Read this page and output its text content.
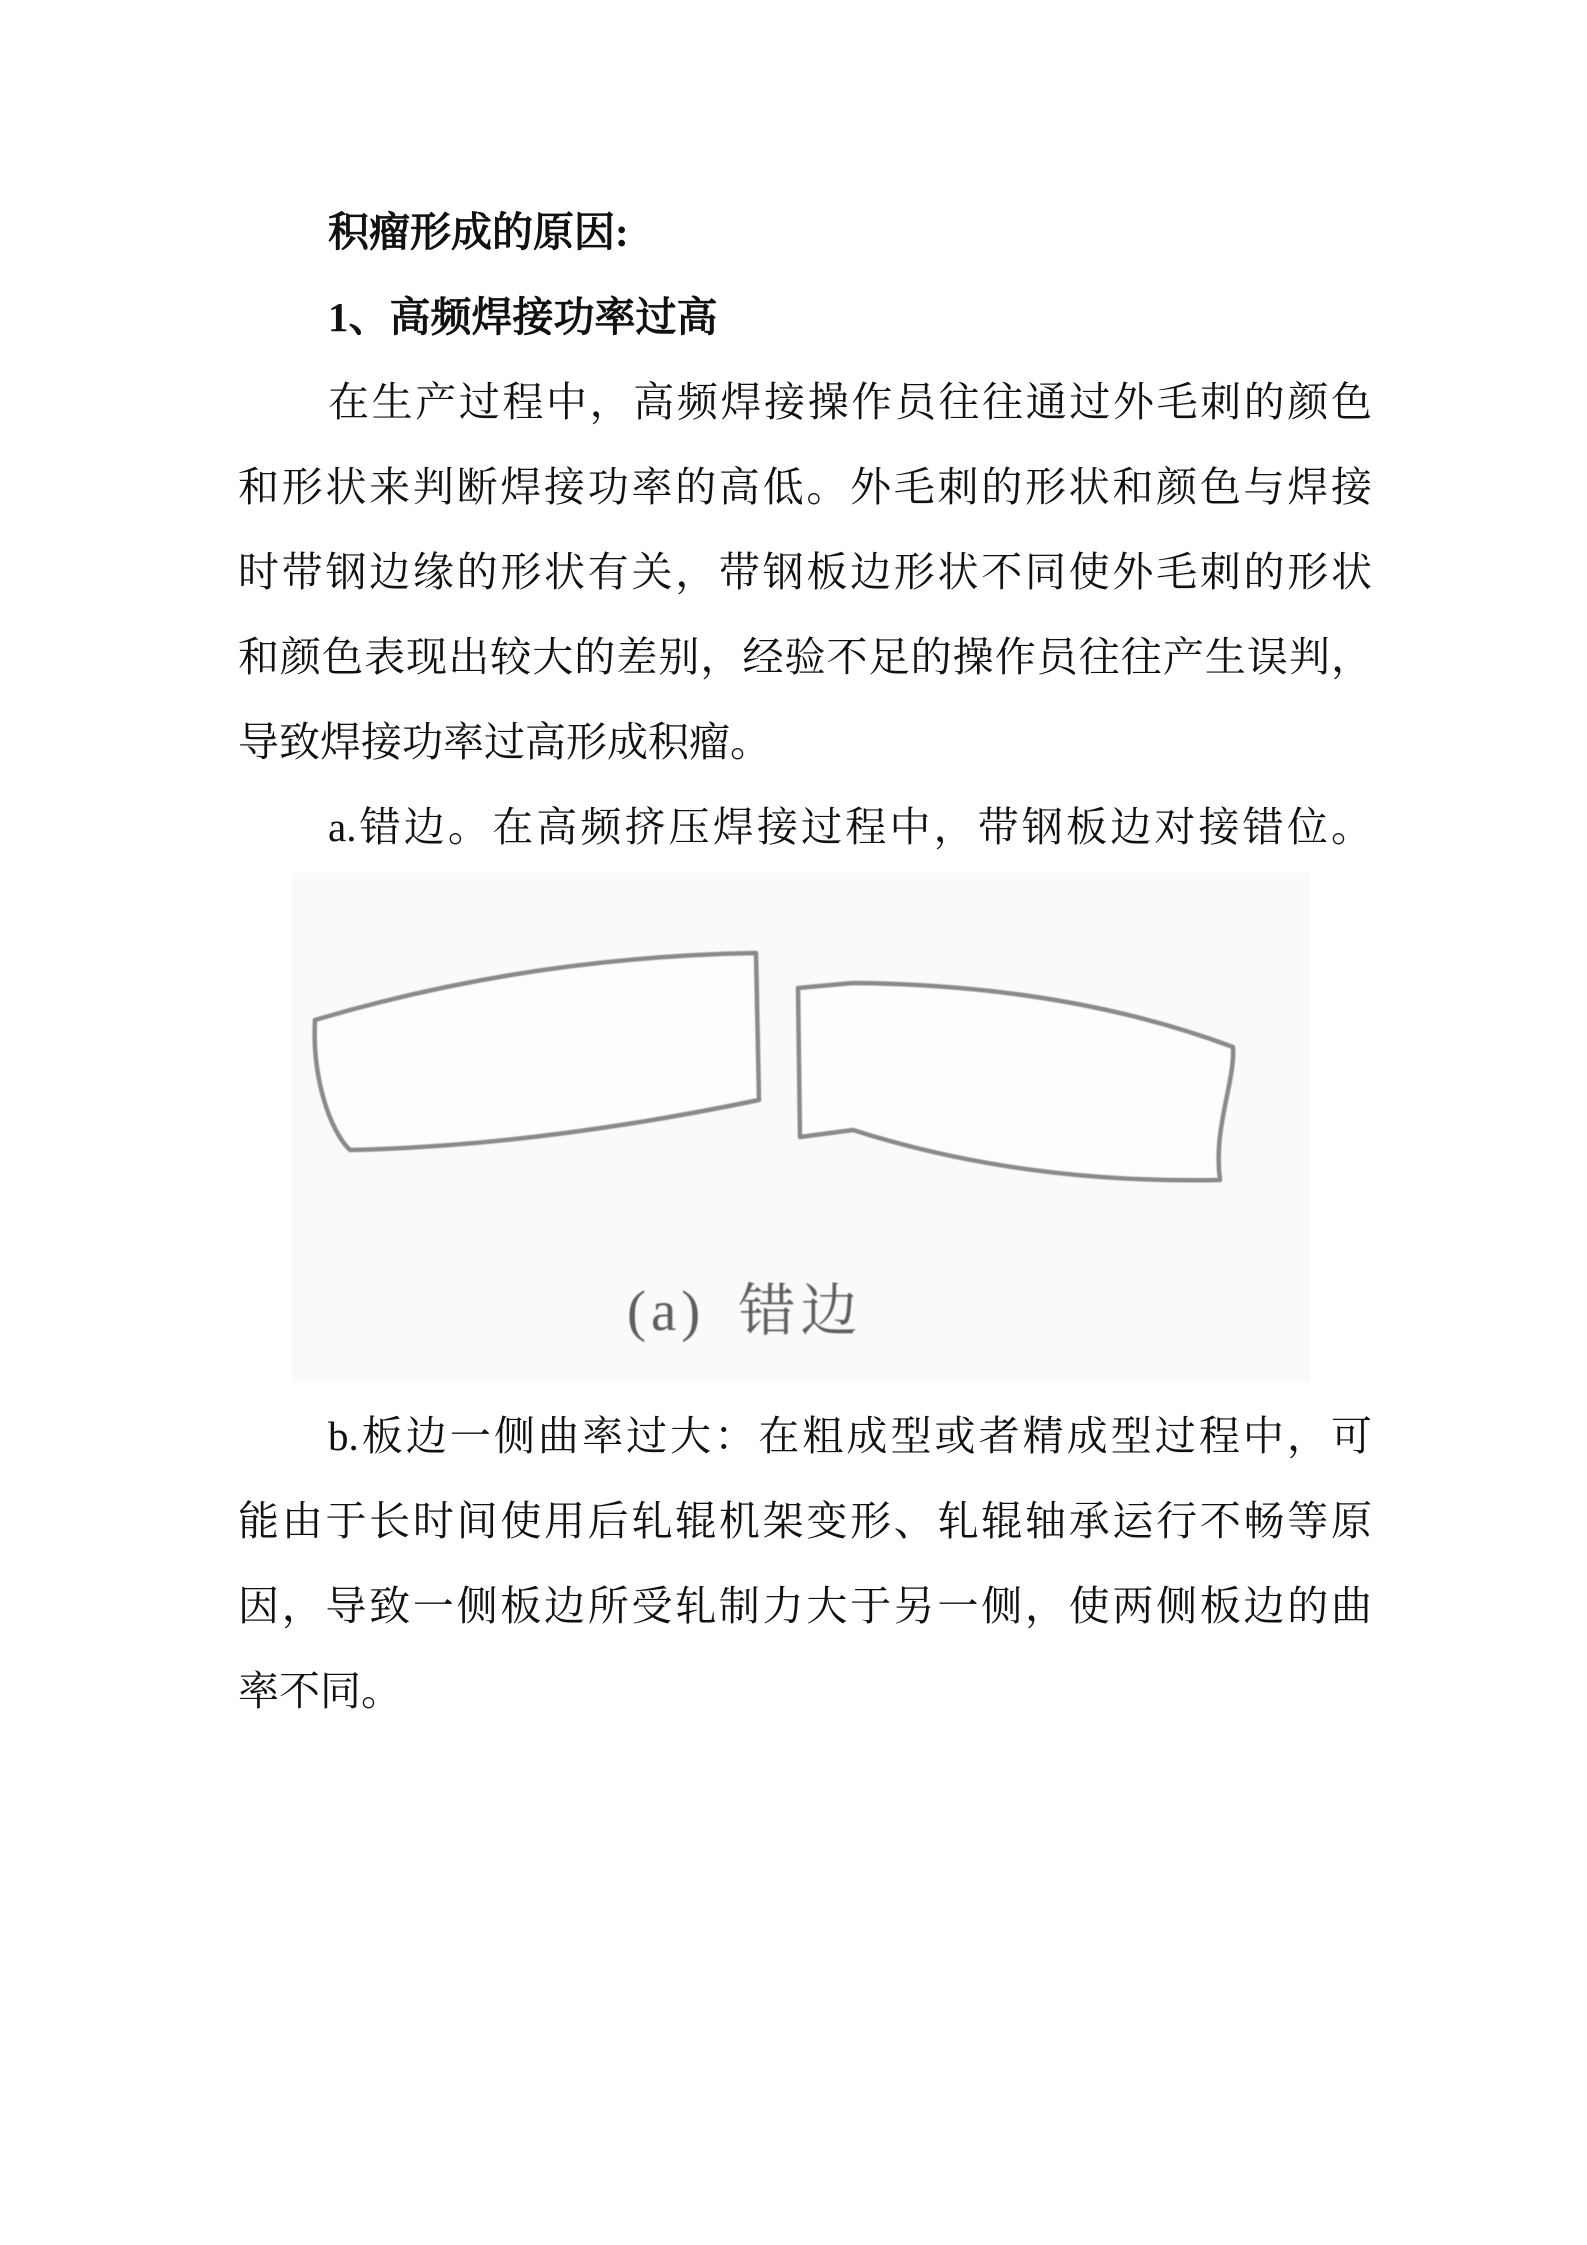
积瘤形成的原因:
1、高频焊接功率过高
在生产过程中，高频焊接操作员往往通过外毛刺的颜色
和形状来判断焊接功率的高低。外毛刺的形状和颜色与焊接
时带钢边缘的形状有关，带钢板边形状不同使外毛刺的形状
和颜色表现出较大的差别，经验不足的操作员往往产生误判，
导致焊接功率过高形成积瘤。
a.错边。在高频挤压焊接过程中，带钢板边对接错位。
(a) 错边
b.板边一侧曲率过大：在粗成型或者精成型过程中，可
能由于长时间使用后轧辊机架变形、轧辊轴承运行不畅等原
因，导致一侧板边所受轧制力大于另一侧，使两侧板边的曲
率不同。
